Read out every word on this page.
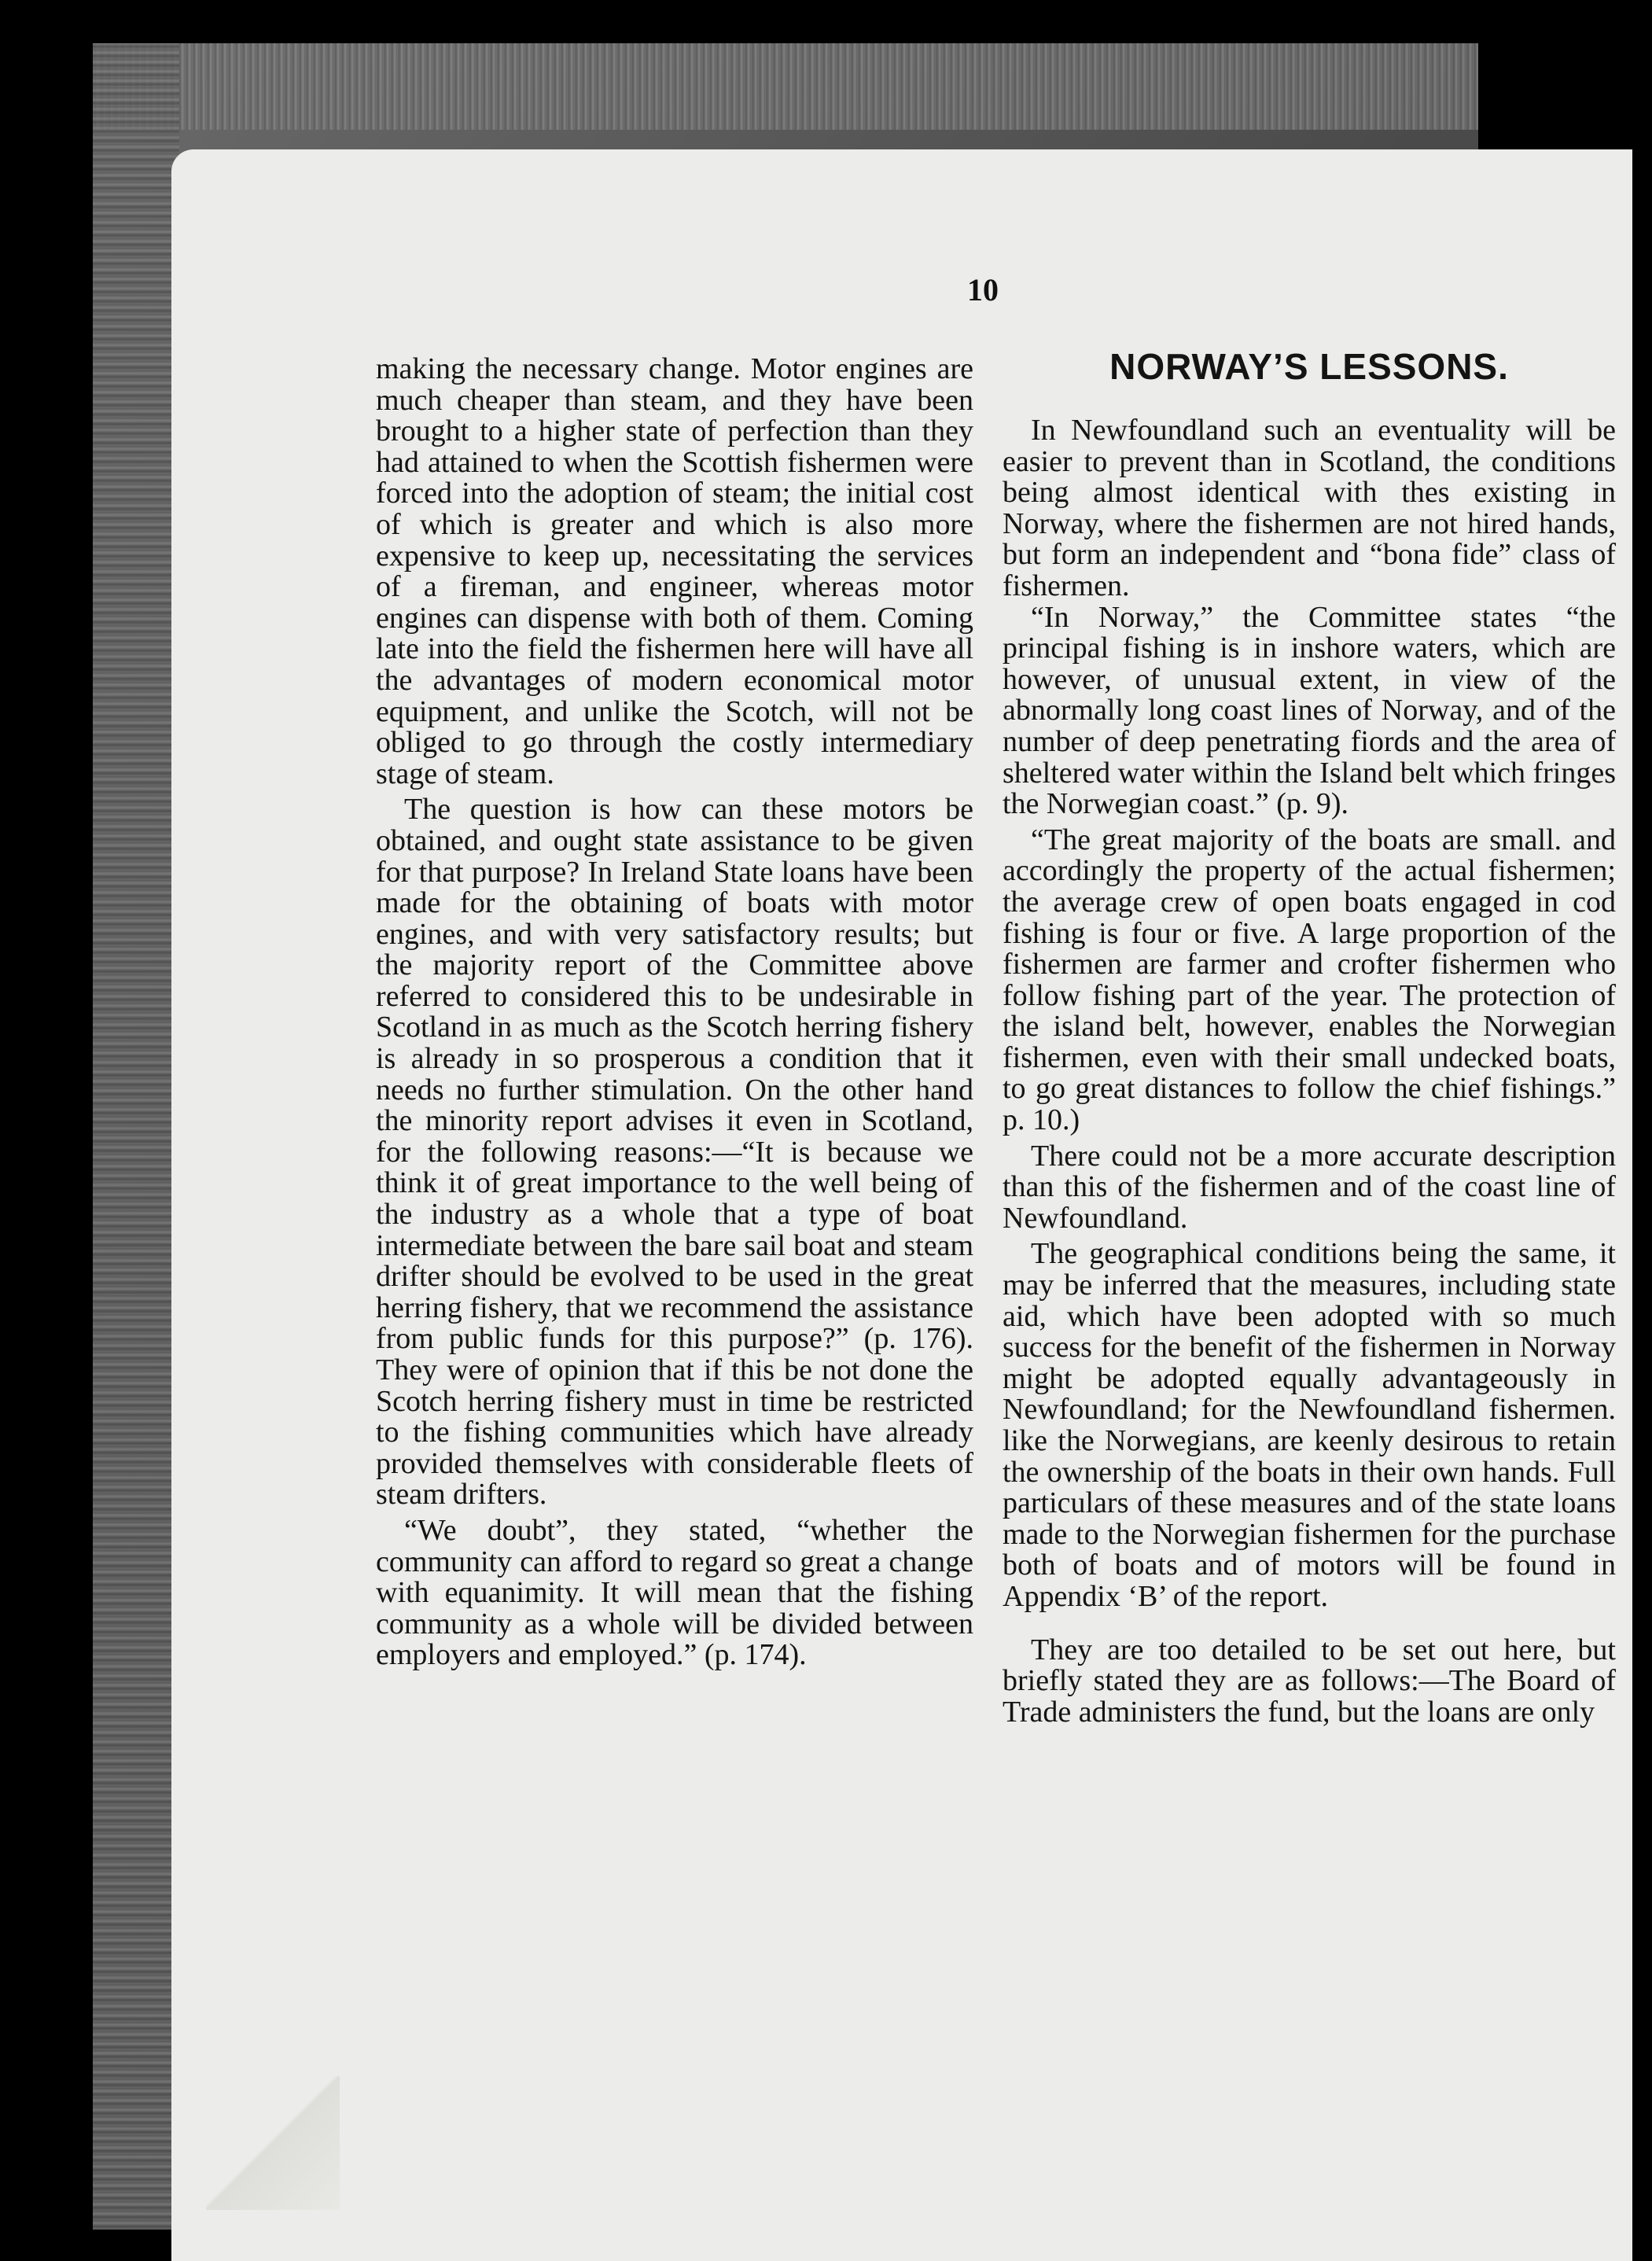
10

making the necessary change. Motor engines are much cheaper than steam, and they have been brought to a higher state of perfection than they had attained to when the Scottish fishermen were forced into the adoption of steam; the initial cost of which is greater and which is also more expensive to keep up, necessitating the services of a fireman, and engineer, whereas motor engines can dispense with both of them. Coming late into the field the fishermen here will have all the advantages of modern economical motor equipment, and unlike the Scotch, will not be obliged to go through the costly intermediary stage of steam.

The question is how can these motors be obtained, and ought state assistance to be given for that purpose? In Ireland State loans have been made for the obtaining of boats with motor engines, and with very satisfactory results; but the majority report of the Committee above referred to considered this to be undesirable in Scotland in as much as the Scotch herring fishery is already in so prosperous a condition that it needs no further stimulation. On the other hand the minority report advises it even in Scotland, for the following reasons:—“It is because we think it of great importance to the well being of the industry as a whole that a type of boat intermediate between the bare sail boat and steam drifter should be evolved to be used in the great herring fishery, that we recommend the assistance from public funds for this purpose?” (p. 176). They were of opinion that if this be not done the Scotch herring fishery must in time be restricted to the fishing communities which have already provided themselves with considerable fleets of steam drifters.

“We doubt”, they stated, “whether the community can afford to regard so great a change with equanimity. It will mean that the fishing community as a whole will be divided between employers and employed.” (p. 174).

NORWAY’S LESSONS.

In Newfoundland such an eventuality will be easier to prevent than in Scotland, the conditions being almost identical with thes existing in Norway, where the fishermen are not hired hands, but form an independent and “bona fide” class of fishermen.

“In Norway,” the Committee states “the principal fishing is in inshore waters, which are however, of unusual extent, in view of the abnormally long coast lines of Norway, and of the number of deep penetrating fiords and the area of sheltered water within the Island belt which fringes the Norwegian coast.” (p. 9).

“The great majority of the boats are small. and accordingly the property of the actual fishermen; the average crew of open boats engaged in cod fishing is four or five. A large proportion of the fishermen are farmer and crofter fishermen who follow fishing part of the year. The protection of the island belt, however, enables the Norwegian fishermen, even with their small undecked boats, to go great distances to follow the chief fishings.” p. 10.)

There could not be a more accurate description than this of the fishermen and of the coast line of Newfoundland.

The geographical conditions being the same, it may be inferred that the measures, including state aid, which have been adopted with so much success for the benefit of the fishermen in Norway might be adopted equally advantageously in Newfoundland; for the Newfoundland fishermen. like the Norwegians, are keenly desirous to retain the ownership of the boats in their own hands. Full particulars of these measures and of the state loans made to the Norwegian fishermen for the purchase both of boats and of motors will be found in Appendix ‘B’ of the report.

They are too detailed to be set out here, but briefly stated they are as follows:—The Board of Trade administers the fund, but the loans are only
